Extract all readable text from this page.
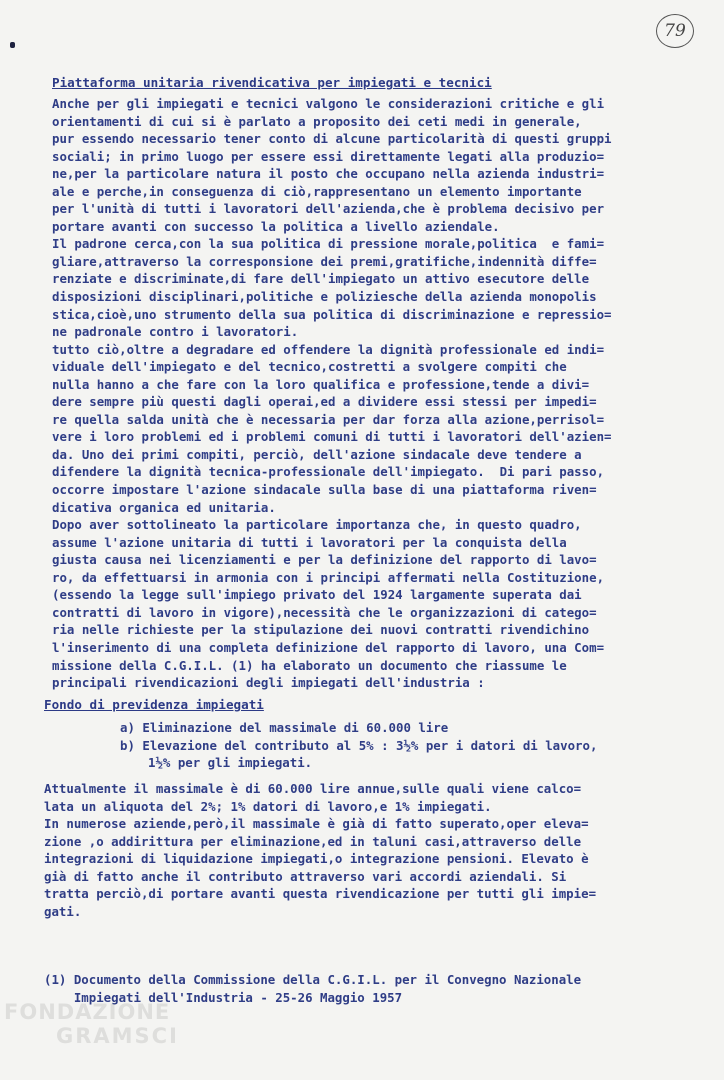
79
Piattaforma unitaria rivendicativa per impiegati e tecnici
Anche per gli impiegati e tecnici valgono le considerazioni critiche e gli
orientamenti di cui si è parlato a proposito dei ceti medi in generale,
pur essendo necessario tener conto di alcune particolarità di questi gruppi
sociali; in primo luogo per essere essi direttamente legati alla produzio=
ne,per la particolare natura il posto che occupano nella azienda industri=
ale e perche,in conseguenza di ciò,rappresentano un elemento importante
per l'unità di tutti i lavoratori dell'azienda,che è problema decisivo per
portare avanti con successo la politica a livello aziendale.
Il padrone cerca,con la sua politica di pressione morale,politica  e fami=
gliare,attraverso la corresponsione dei premi,gratifiche,indennità diffe=
renziate e discriminate,di fare dell'impiegato un attivo esecutore delle
disposizioni disciplinari,politiche e poliziesche della azienda monopolis
stica,cioè,uno strumento della sua politica di discriminazione e repressio=
ne padronale contro i lavoratori.
tutto ciò,oltre a degradare ed offendere la dignità professionale ed indi=
viduale dell'impiegato e del tecnico,costretti a svolgere compiti che
nulla hanno a che fare con la loro qualifica e professione,tende a divi=
dere sempre più questi dagli operai,ed a dividere essi stessi per impedi=
re quella salda unità che è necessaria per dar forza alla azione,perrisol=
vere i loro problemi ed i problemi comuni di tutti i lavoratori dell'azien=
da. Uno dei primi compiti, perciò, dell'azione sindacale deve tendere a
difendere la dignità tecnica-professionale dell'impiegato.  Di pari passo,
occorre impostare l'azione sindacale sulla base di una piattaforma riven=
dicativa organica ed unitaria.
Dopo aver sottolineato la particolare importanza che, in questo quadro,
assume l'azione unitaria di tutti i lavoratori per la conquista della
giusta causa nei licenziamenti e per la definizione del rapporto di lavo=
ro, da effettuarsi in armonia con i principi affermati nella Costituzione,
(essendo la legge sull'impiego privato del 1924 largamente superata dai
contratti di lavoro in vigore),necessità che le organizzazioni di catego=
ria nelle richieste per la stipulazione dei nuovi contratti rivendichino
l'inserimento di una completa definizione del rapporto di lavoro, una Com=
missione della C.G.I.L. (1) ha elaborato un documento che riassume le
principali rivendicazioni degli impiegati dell'industria :
Fondo di previdenza impiegati
a) Eliminazione del massimale di 60.000 lire
b) Elevazione del contributo al 5% : 3½% per i datori di lavoro,
1½% per gli impiegati.
Attualmente il massimale è di 60.000 lire annue,sulle quali viene calco=
lata un aliquota del 2%; 1% datori di lavoro,e 1% impiegati.
In numerose aziende,però,il massimale è già di fatto superato,oper eleva=
zione ,o addirittura per eliminazione,ed in taluni casi,attraverso delle
integrazioni di liquidazione impiegati,o integrazione pensioni. Elevato è
già di fatto anche il contributo attraverso vari accordi aziendali. Si
tratta perciò,di portare avanti questa rivendicazione per tutti gli impie=
gati.
(1) Documento della Commissione della C.G.I.L. per il Convegno Nazionale
Impiegati dell'Industria - 25-26 Maggio 1957
FONDAZIONE
GRAMSCI
